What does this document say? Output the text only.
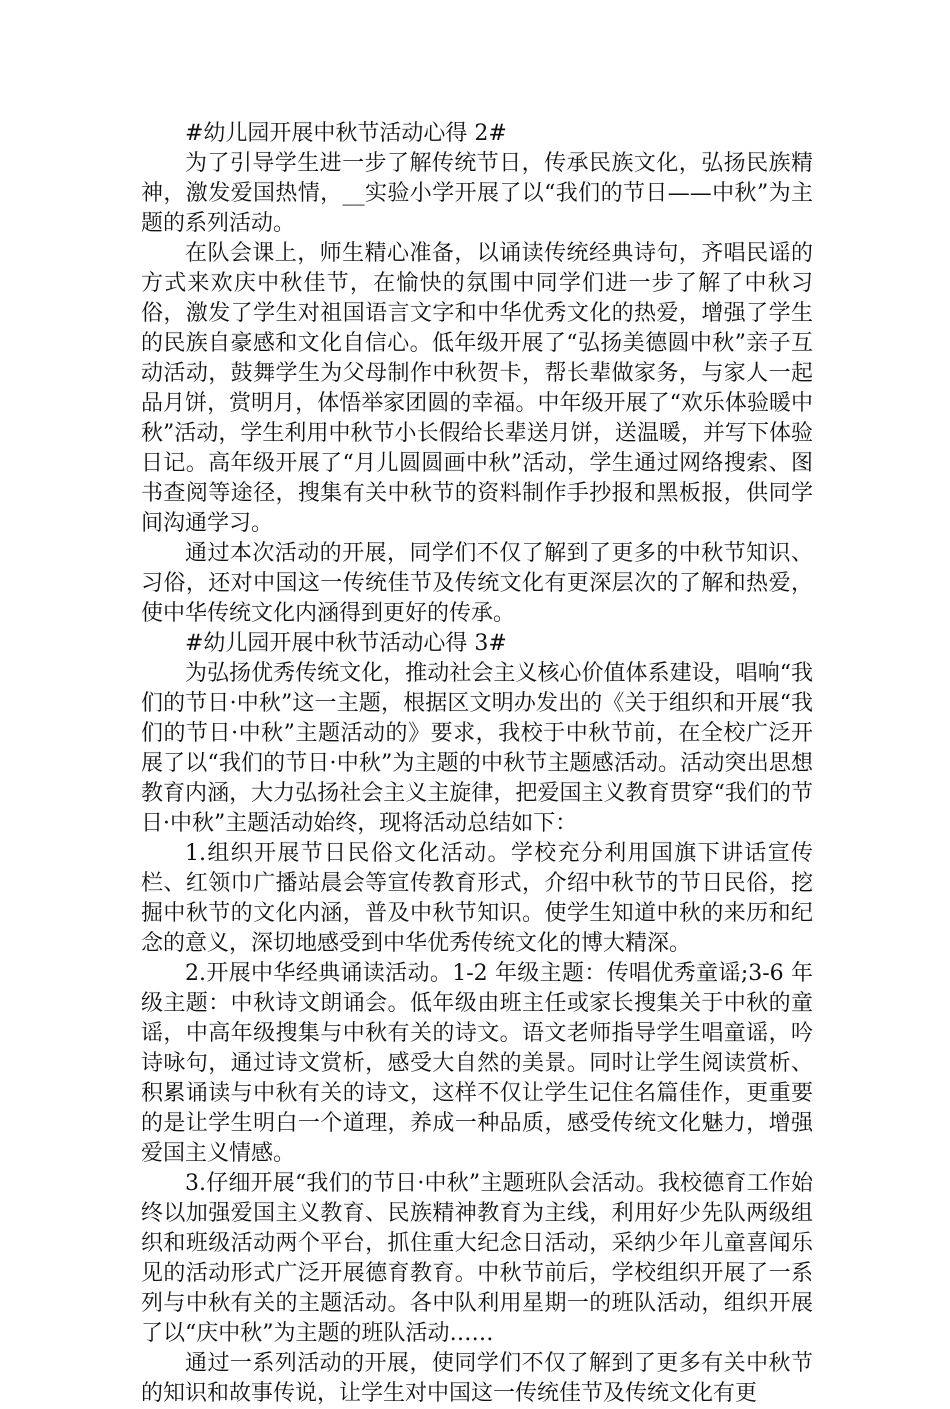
#幼儿园开展中秋节活动心得 2#

为了引导学生进一步了解传统节日，传承民族文化，弘扬民族精神，激发爱国热情，__实验小学开展了以“我们的节日——中秋”为主题的系列活动。

在队会课上，师生精心准备，以诵读传统经典诗句，齐唱民谣的方式来欢庆中秋佳节，在愉快的氛围中同学们进一步了解了中秋习俗，激发了学生对祖国语言文字和中华优秀文化的热爱，增强了学生的民族自豪感和文化自信心。低年级开展了“弘扬美德圆中秋”亲子互动活动，鼓舞学生为父母制作中秋贺卡，帮长辈做家务，与家人一起品月饼，赏明月，体悟举家团圆的幸福。中年级开展了“欢乐体验暖中秋”活动，学生利用中秋节小长假给长辈送月饼，送温暖，并写下体验日记。高年级开展了“月儿圆圆画中秋”活动，学生通过网络搜索、图书查阅等途径，搜集有关中秋节的资料制作手抄报和黑板报，供同学间沟通学习。

通过本次活动的开展，同学们不仅了解到了更多的中秋节知识、习俗，还对中国这一传统佳节及传统文化有更深层次的了解和热爱，使中华传统文化内涵得到更好的传承。

#幼儿园开展中秋节活动心得 3#

为弘扬优秀传统文化，推动社会主义核心价值体系建设，唱响“我们的节日·中秋”这一主题，根据区文明办发出的《关于组织和开展“我们的节日·中秋”主题活动的》要求，我校于中秋节前，在全校广泛开展了以“我们的节日·中秋”为主题的中秋节主题感活动。活动突出思想教育内涵，大力弘扬社会主义主旋律，把爱国主义教育贯穿“我们的节日·中秋”主题活动始终，现将活动总结如下：

1.组织开展节日民俗文化活动。学校充分利用国旗下讲话宣传栏、红领巾广播站晨会等宣传教育形式，介绍中秋节的节日民俗，挖掘中秋节的文化内涵，普及中秋节知识。使学生知道中秋的来历和纪念的意义，深切地感受到中华优秀传统文化的博大精深。

2.开展中华经典诵读活动。1-2 年级主题：传唱优秀童谣;3-6 年级主题：中秋诗文朗诵会。低年级由班主任或家长搜集关于中秋的童谣，中高年级搜集与中秋有关的诗文。语文老师指导学生唱童谣，吟诗咏句，通过诗文赏析，感受大自然的美景。同时让学生阅读赏析、积累诵读与中秋有关的诗文，这样不仅让学生记住名篇佳作，更重要的是让学生明白一个道理，养成一种品质，感受传统文化魅力，增强爱国主义情感。

3.仔细开展“我们的节日·中秋”主题班队会活动。我校德育工作始终以加强爱国主义教育、民族精神教育为主线，利用好少先队两级组织和班级活动两个平台，抓住重大纪念日活动，采纳少年儿童喜闻乐见的活动形式广泛开展德育教育。中秋节前后，学校组织开展了一系列与中秋有关的主题活动。各中队利用星期一的班队活动，组织开展了以“庆中秋”为主题的班队活动……

通过一系列活动的开展，使同学们不仅了解到了更多有关中秋节的知识和故事传说，让学生对中国这一传统佳节及传统文化有更
